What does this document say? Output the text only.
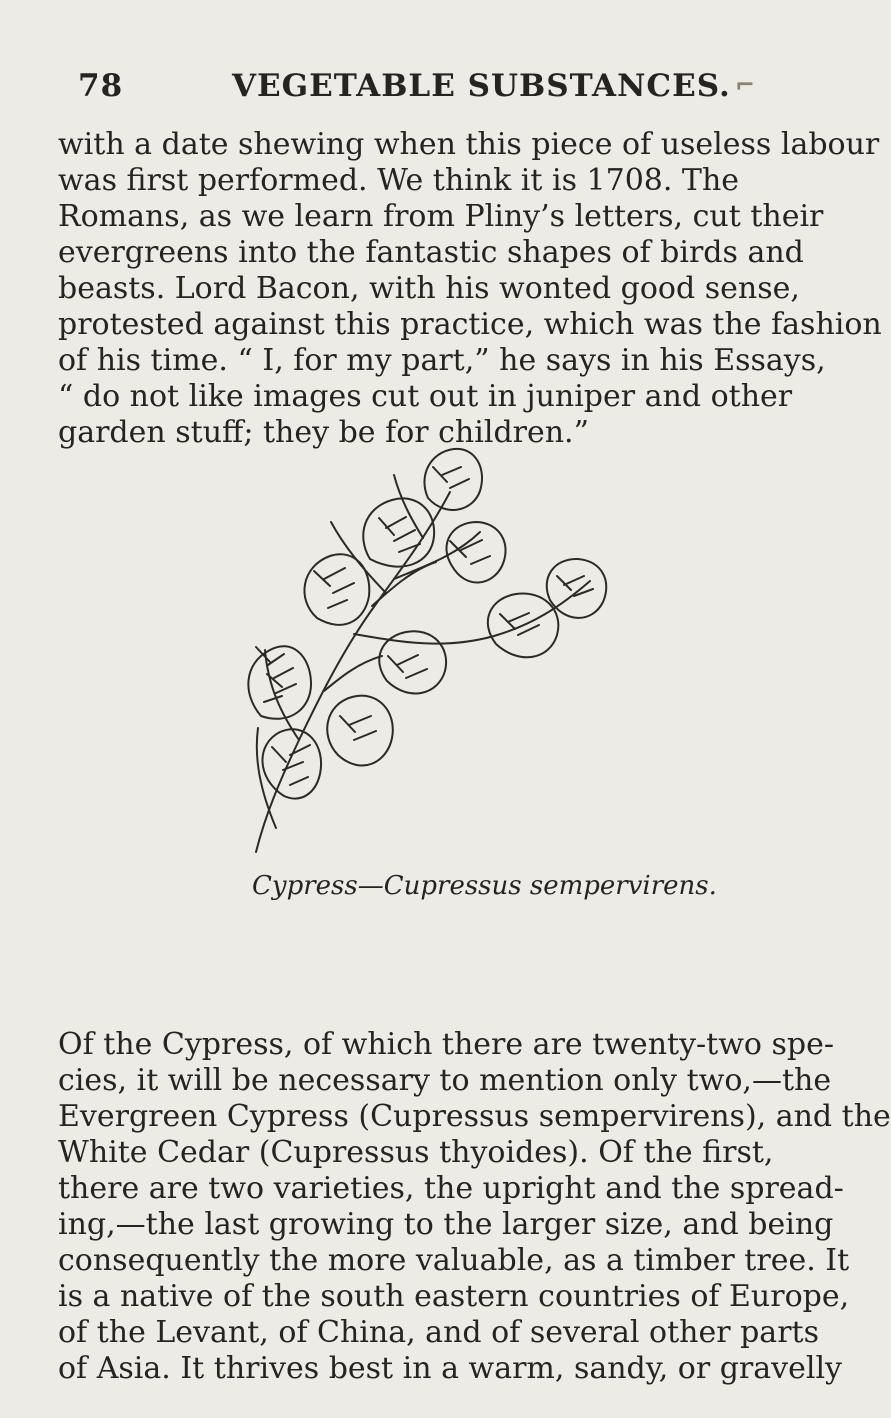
78	VEGETABLE SUBSTANCES. ⌐
with a date shewing when this piece of useless labour
was first performed. We think it is 1708. The
Romans, as we learn from Pliny’s letters, cut their
evergreens into the fantastic shapes of birds and
beasts. Lord Bacon, with his wonted good sense,
protested against this practice, which was the fashion
of his time. “ I, for my part,” he says in his Essays,
“ do not like images cut out in juniper and other
garden stuff; they be for children.”
Cypress—Cupressus sempervirens.
Of the Cypress, of which there are twenty-two spe-
cies, it will be necessary to mention only two,—the
Evergreen Cypress (Cupressus sempervirens), and the
White Cedar (Cupressus thyoides). Of the first,
there are two varieties, the upright and the spread-
ing,—the last growing to the larger size, and being
consequently the more valuable, as a timber tree. It
is a native of the south eastern countries of Europe,
of the Levant, of China, and of several other parts
of Asia. It thrives best in a warm, sandy, or gravelly
